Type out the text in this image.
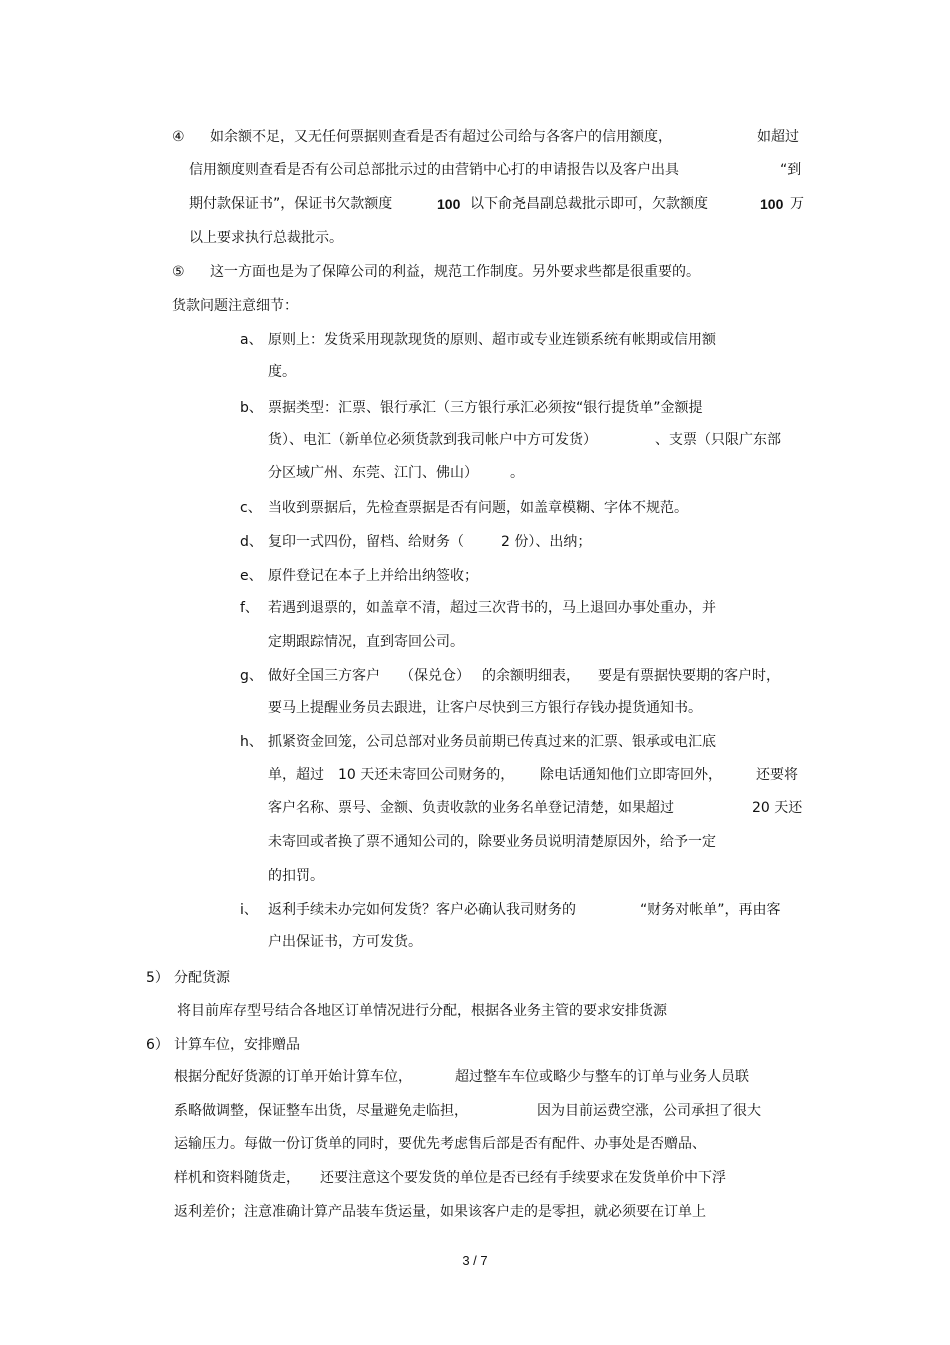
④ 如余额不足，又无任何票据则查看是否有超过公司给与各客户的信用额度，	如超过
信用额度则查看是否有公司总部批示过的由营销中心打的申请报告以及客户出具	“到
期付款保证书”，保证书欠款额度	100 以下俞尧昌副总裁批示即可，欠款额度	100 万
以上要求执行总裁批示。
⑤ 这一方面也是为了保障公司的利益，规范工作制度。另外要求些都是很重要的。
货款问题注意细节：
a、 原则上：发货采用现款现货的原则、超市或专业连锁系统有帐期或信用额
度。
b、 票据类型：汇票、银行承汇（三方银行承汇必须按“银行提货单”金额提
货）、电汇（新单位必须货款到我司帐户中方可发货）	、支票（只限广东部
分区域广州、东莞、江门、佛山） 。
c、 当收到票据后，先检查票据是否有问题，如盖章模糊、字体不规范。
d、 复印一式四份，留档、给财务（	2 份）、出纳；
e、 原件登记在本子上并给出纳签收；
f、 若遇到退票的，如盖章不清，超过三次背书的，马上退回办事处重办，并
定期跟踪情况，直到寄回公司。
g、 做好全国三方客户 （保兑仓） 的余额明细表， 要是有票据快要期的客户时，
要马上提醒业务员去跟进，让客户尽快到三方银行存钱办提货通知书。
h、 抓紧资金回笼，公司总部对业务员前期已传真过来的汇票、银承或电汇底
单，超过 10 天还未寄回公司财务的， 除电话通知他们立即寄回外， 还要将
客户名称、票号、金额、负责收款的业务名单登记清楚，如果超过	20 天还
未寄回或者换了票不通知公司的，除要业务员说明清楚原因外，给予一定
的扣罚。
i、 返利手续未办完如何发货？客户必确认我司财务的	“财务对帐单”，再由客
户出保证书，方可发货。
5） 分配货源
将目前库存型号结合各地区订单情况进行分配，根据各业务主管的要求安排货源
6） 计算车位，安排赠品
根据分配好货源的订单开始计算车位，	超过整车车位或略少与整车的订单与业务人员联
系略做调整，保证整车出货，尽量避免走临担，	因为目前运费空涨，公司承担了很大
运输压力。每做一份订货单的同时，要优先考虑售后部是否有配件、办事处是否赠品、
样机和资料随货走， 还要注意这个要发货的单位是否已经有手续要求在发货单价中下浮
返利差价；注意准确计算产品装车货运量，如果该客户走的是零担，就必须要在订单上
3 / 7
